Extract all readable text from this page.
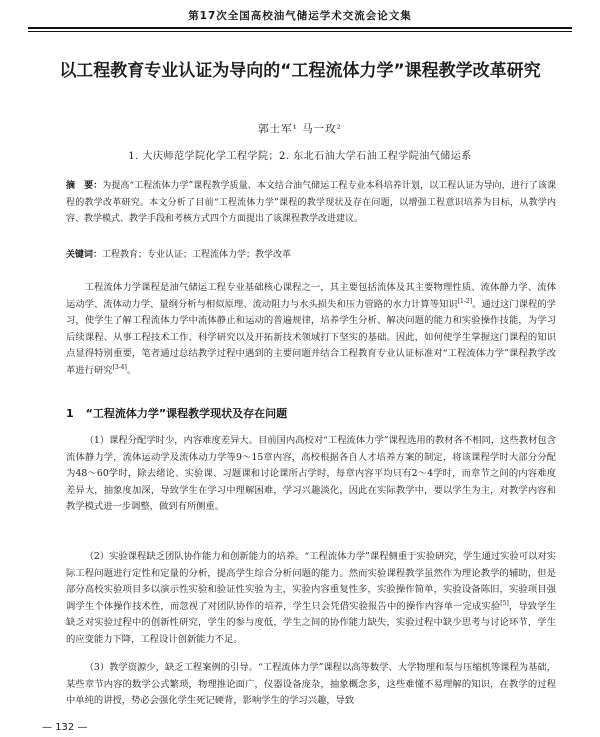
第17次全国高校油气储运学术交流会论文集
以工程教育专业认证为导向的“工程流体力学”课程教学改革研究
郭士军¹ 马一玫²
1. 大庆师范学院化学工程学院；2. 东北石油大学石油工程学院油气储运系
摘　要：为提高“工程流体力学”课程教学质量、本文结合油气储运工程专业本科培养计划，以工程认证为导向，进行了该课程的教学改革研究。本文分析了目前“工程流体力学”课程的教学现状及存在问题，以增强工程意识培养为目标，从教学内容、教学模式、教学手段和考核方式四个方面提出了该课程教学改进建议。
关键词：工程教育；专业认证；工程流体力学；教学改革
工程流体力学课程是油气储运工程专业基础核心课程之一，其主要包括流体及其主要物理性质、流体静力学、流体运动学、流体动力学、量纲分析与相似原理、流动阻力与水头损失和压力管路的水力计算等知识[1-2]。通过这门课程的学习，使学生了解工程流体力学中流体静止和运动的普遍规律，培养学生分析、解决问题的能力和实验操作技能，为学习后续课程、从事工程技术工作、科学研究以及开拓新技术领域打下坚实的基础。因此，如何使学生掌握这门课程的知识点显得特别重要，笔者通过总结教学过程中遇到的主要问题并结合工程教育专业认证标准对“工程流体力学”课程教学改革进行研究[3-4]。
1 “工程流体力学”课程教学现状及存在问题
（1）课程分配学时少，内容难度差异大。目前国内高校对“工程流体力学”课程选用的教材各不相同，这些教材包含流体静力学，流体运动学及流体动力学等9～15章内容，高校根据各自人才培养方案的制定，将该课程学时大部分分配为48～60学时，除去绪论、实验课、习题课和讨论课所占学时，每章内容平均只有2～4学时，而章节之间的内容难度差异大，抽象度加深，导致学生在学习中理解困难，学习兴趣淡化，因此在实际教学中，要以学生为主，对教学内容和教学模式进一步调整，做到有所侧重。
（2）实验课程缺乏团队协作能力和创新能力的培养。“工程流体力学”课程侧重于实验研究，学生通过实验可以对实际工程问题进行定性和定量的分析，提高学生综合分析问题的能力。然而实验课程教学虽然作为理论教学的辅助，但是部分高校实验项目多以演示性实验和验证性实验为主，实验内容重复性多，实验操作简单，实验设备陈旧，实验项目强调学生个体操作技术性，而忽视了对团队协作的培养，学生只会凭借实验报告中的操作内容单一完成实验[5]，导致学生缺乏对实验过程中的创新性研究，学生的参与度低，学生之间的协作能力缺失，实验过程中缺少思考与讨论环节，学生的应变能力下降，工程设计创新能力不足。
（3）教学资源少，缺乏工程案例的引导。“工程流体力学”课程以高等数学、大学物理和泵与压缩机等课程为基础，某些章节内容的数学公式繁琐，物理推论面广，仪器设备庞杂，抽象概念多，这些难懂不易理解的知识，在教学的过程中单纯的讲授，势必会强化学生死记硬背，影响学生的学习兴趣，导致
— 132 —
